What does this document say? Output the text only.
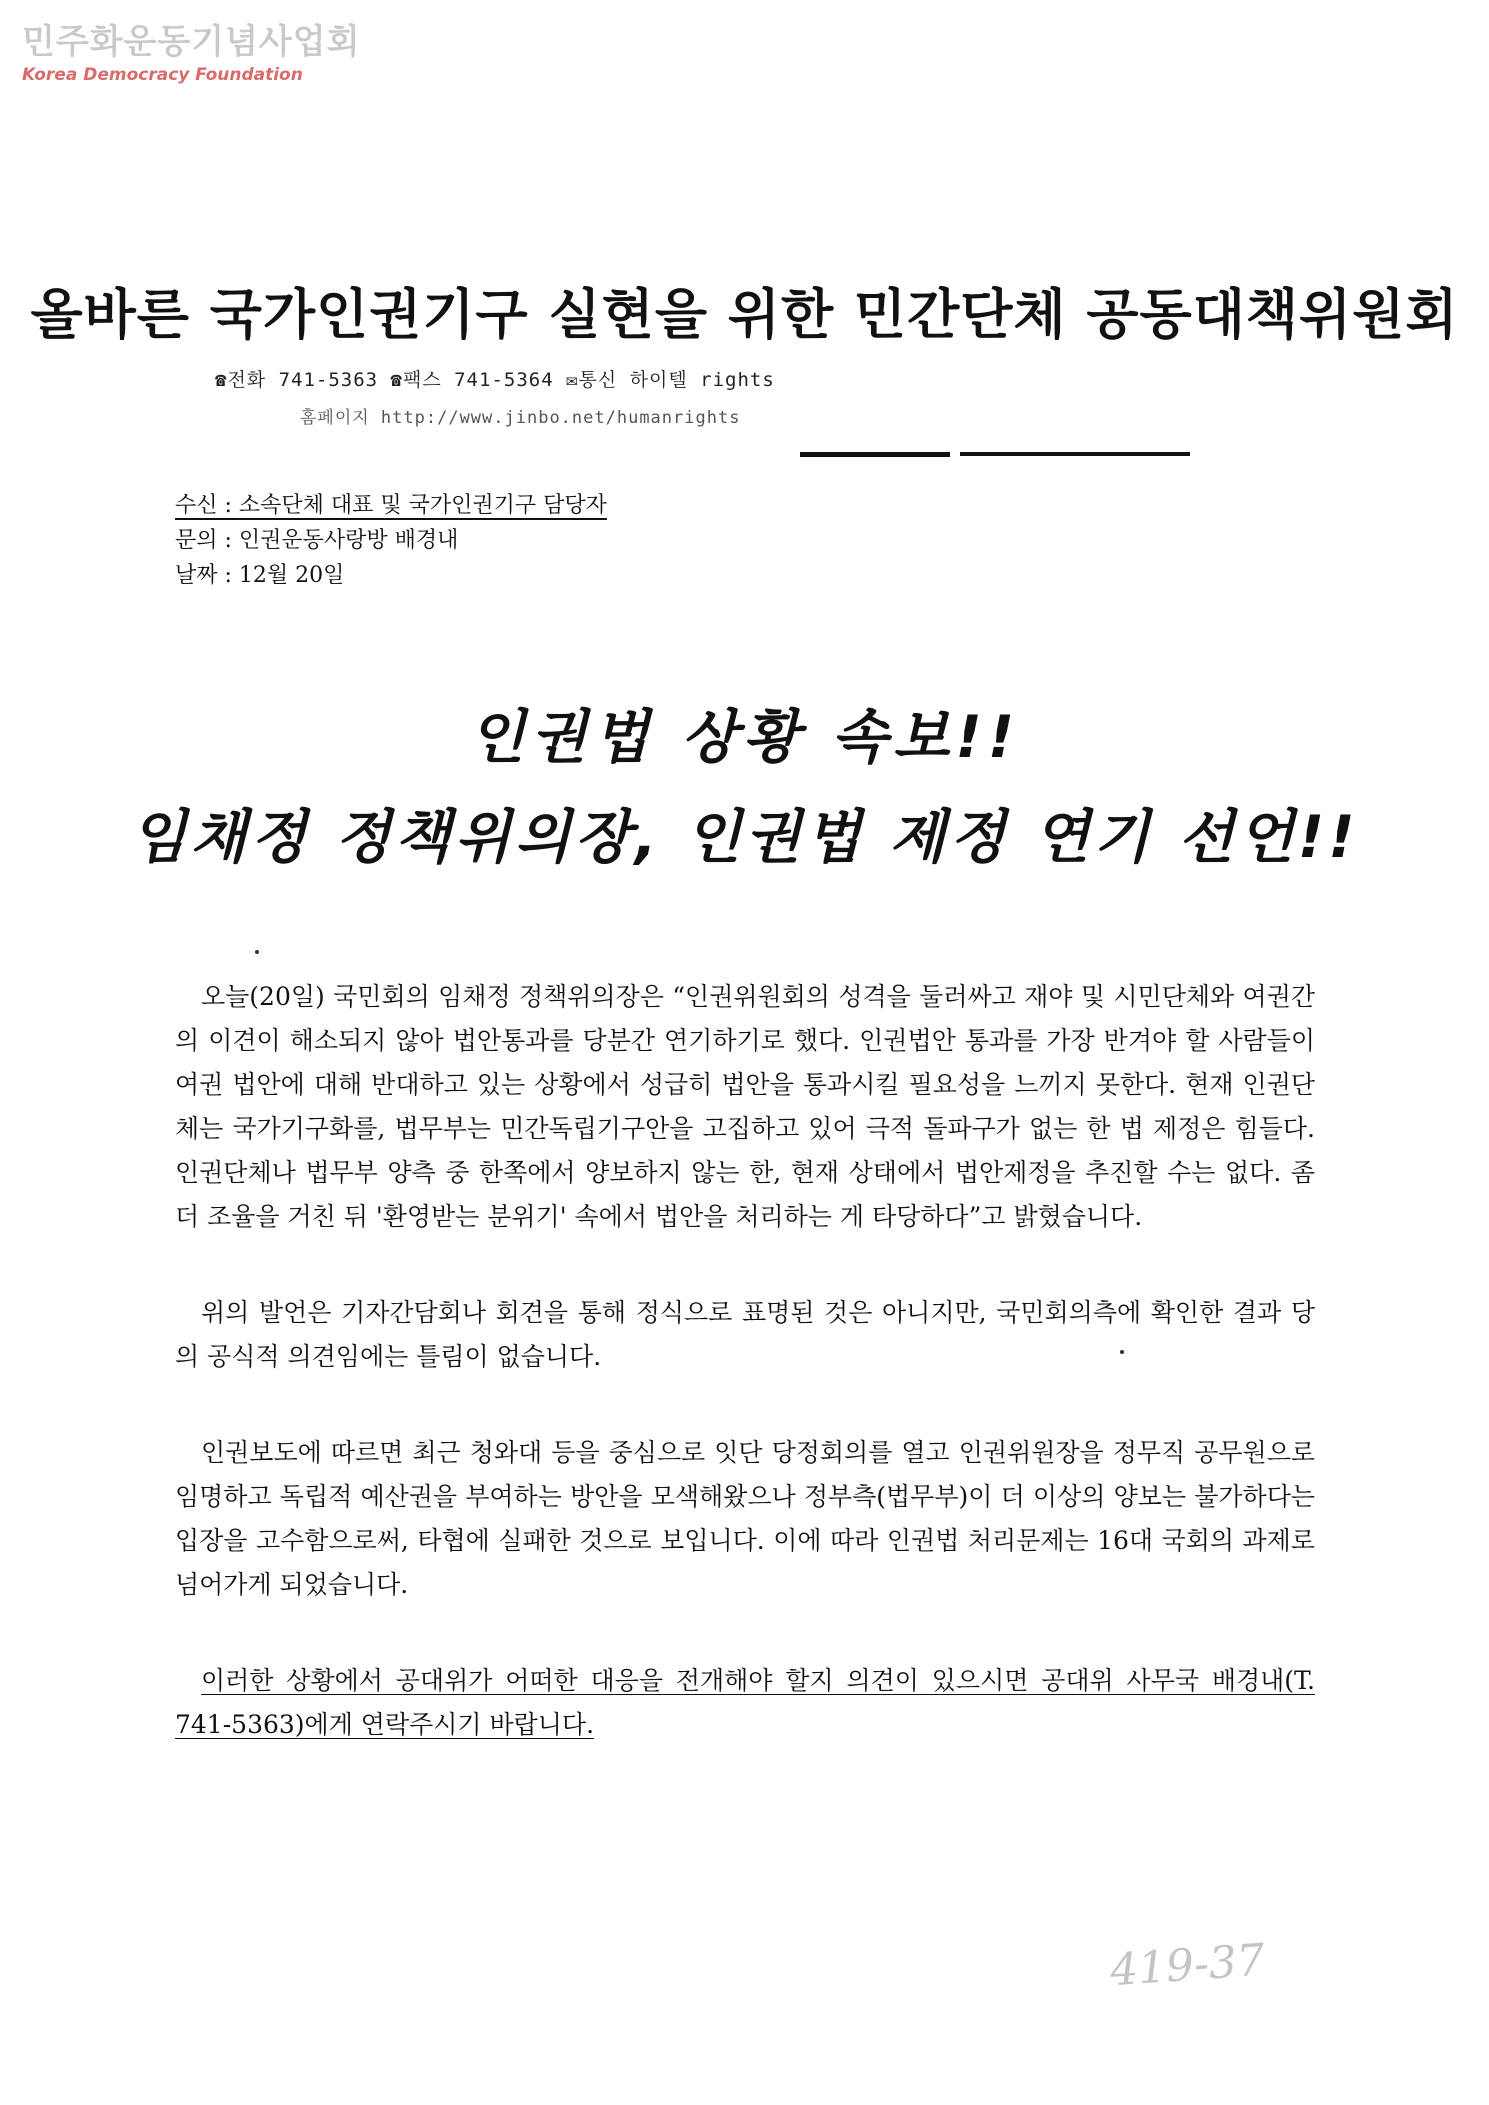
민주화운동기념사업회
Korea Democracy Foundation
올바른 국가인권기구 실현을 위한 민간단체 공동대책위원회
☎전화 741-5363 ☎팩스 741-5364 ✉통신 하이텔 rights
홈페이지 http://www.jinbo.net/humanrights
수신 : 소속단체 대표 및 국가인권기구 담당자
문의 : 인권운동사랑방 배경내
날짜 : 12월 20일
인권법 상황 속보!!
임채정 정책위의장, 인권법 제정 연기 선언!!

오늘(20일) 국민회의 임채정 정책위의장은 “인권위원회의 성격을 둘러싸고 재야 및 시민단체와 여권간의 이견이 해소되지 않아 법안통과를 당분간 연기하기로 했다. 인권법안 통과를 가장 반겨야 할 사람들이 여권 법안에 대해 반대하고 있는 상황에서 성급히 법안을 통과시킬 필요성을 느끼지 못한다. 현재 인권단체는 국가기구화를, 법무부는 민간독립기구안을 고집하고 있어 극적 돌파구가 없는 한 법 제정은 힘들다. 인권단체나 법무부 양측 중 한쪽에서 양보하지 않는 한, 현재 상태에서 법안제정을 추진할 수는 없다. 좀더 조율을 거친 뒤 '환영받는 분위기' 속에서 법안을 처리하는 게 타당하다”고 밝혔습니다.

위의 발언은 기자간담회나 회견을 통해 정식으로 표명된 것은 아니지만, 국민회의측에 확인한 결과 당의 공식적 의견임에는 틀림이 없습니다.

인권보도에 따르면 최근 청와대 등을 중심으로 잇단 당정회의를 열고 인권위원장을 정무직 공무원으로 임명하고 독립적 예산권을 부여하는 방안을 모색해왔으나 정부측(법무부)이 더 이상의 양보는 불가하다는 입장을 고수함으로써, 타협에 실패한 것으로 보입니다. 이에 따라 인권법 처리문제는 16대 국회의 과제로 넘어가게 되었습니다.

이러한 상황에서 공대위가 어떠한 대응을 전개해야 할지 의견이 있으시면 공대위 사무국 배경내(T. 741-5363)에게 연락주시기 바랍니다.

419-37
